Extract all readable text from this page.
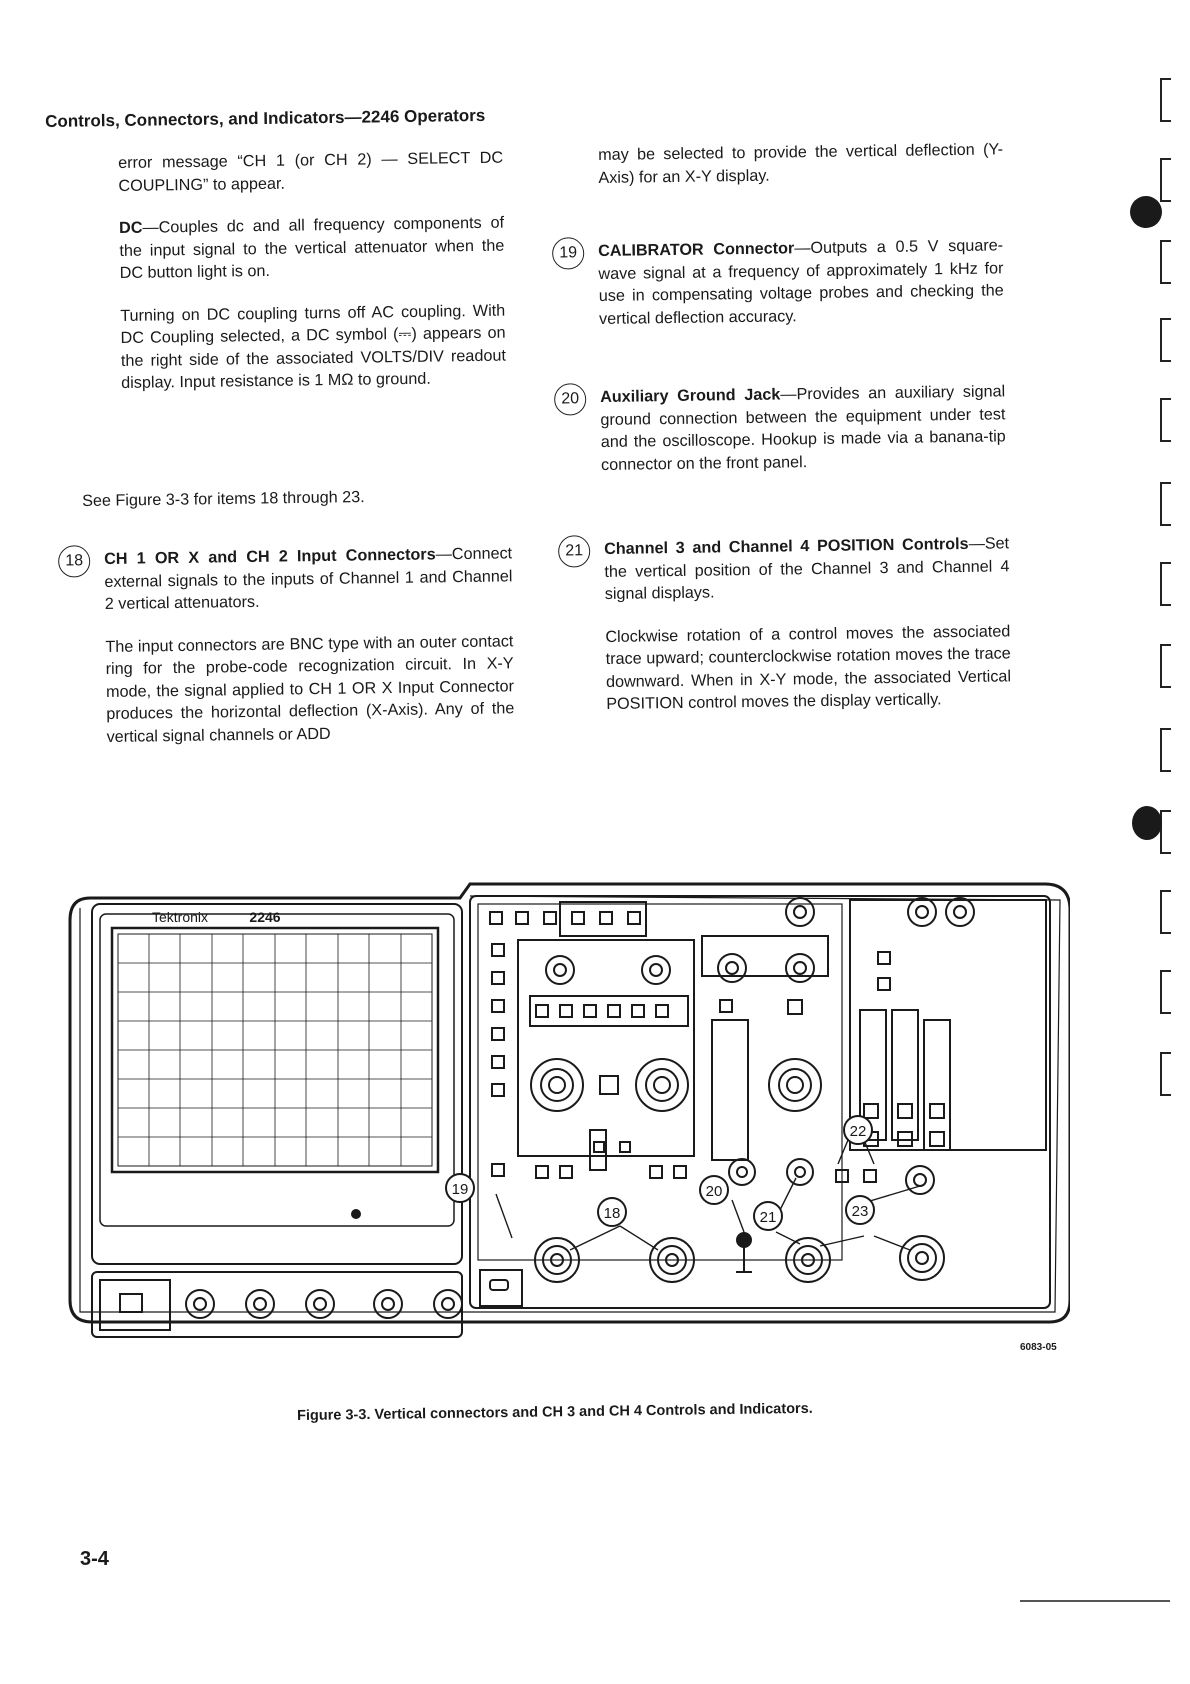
Controls, Connectors, and Indicators—2246 Operators

error message “CH 1 (or CH 2) — SELECT DC COUPLING” to appear.

DC—Couples dc and all frequency components of the input signal to the vertical attenuator when the DC button light is on.

Turning on DC coupling turns off AC coupling. With DC Coupling selected, a DC symbol (⎓) appears on the right side of the associated VOLTS/DIV readout display. Input resistance is 1 MΩ to ground.

See Figure 3-3 for items 18 through 23.
18	CH 1 OR X and CH 2 Input Connectors—Connect external signals to the inputs of Channel 1 and Channel 2 vertical attenuators.

The input connectors are BNC type with an outer contact ring for the probe-code recognization circuit. In X-Y mode, the signal applied to CH 1 OR X Input Connector produces the horizontal deflection (X-Axis). Any of the vertical signal channels or ADD

may be selected to provide the vertical deflection (Y-Axis) for an X-Y display.

19	CALIBRATOR Connector—Outputs a 0.5 V square-wave signal at a frequency of approximately 1 kHz for use in compensating voltage probes and checking the vertical deflection accuracy.

20	Auxiliary Ground Jack—Provides an auxiliary signal ground connection between the equipment under test and the oscilloscope. Hookup is made via a banana-tip connector on the front panel.

21	Channel 3 and Channel 4 POSITION Controls—Set the vertical position of the Channel 3 and Channel 4 signal displays.

Clockwise rotation of a control moves the associated trace upward; counterclockwise rotation moves the trace downward. When in X-Y mode, the associated Vertical POSITION control moves the display vertically.

Tektronix	2246
19
18
20
21
22
23
6083-05
Figure 3-3. Vertical connectors and CH 3 and CH 4 Controls and Indicators.
3-4
